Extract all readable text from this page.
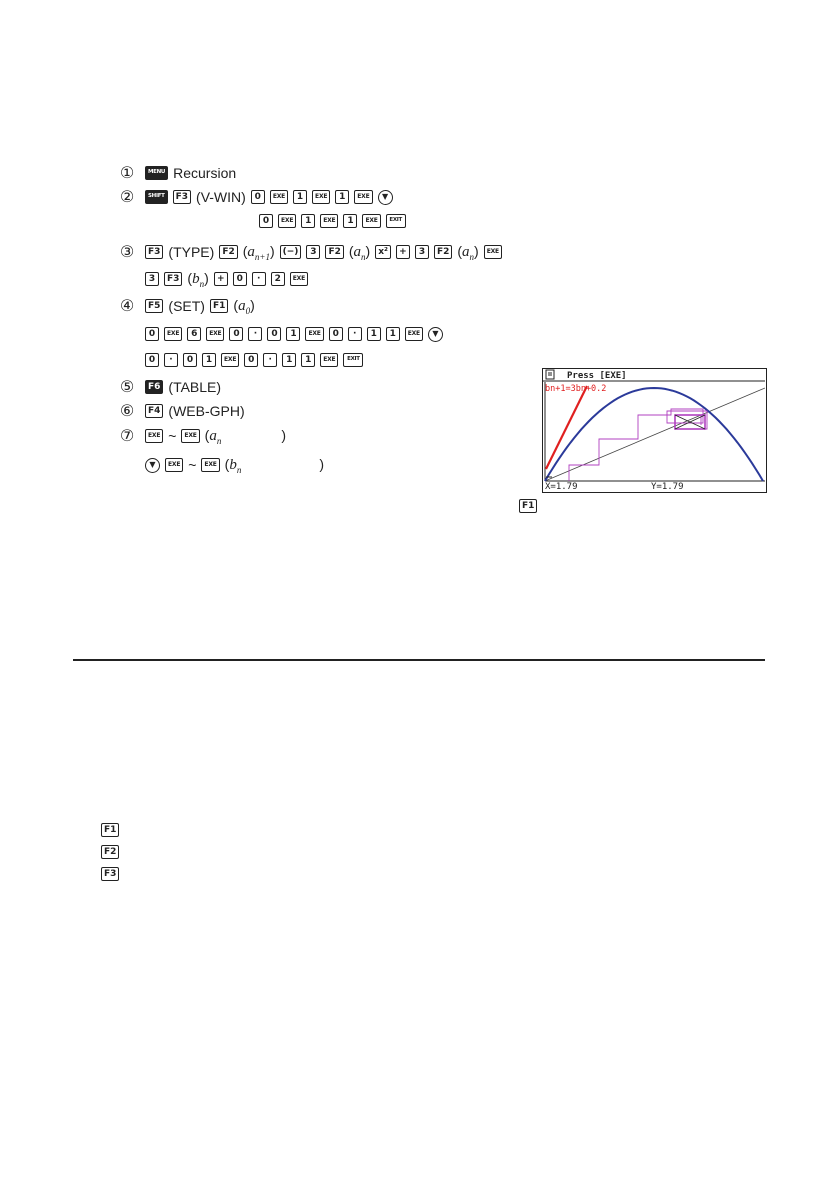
①	MENU Recursion
②	SHIFT	F3 (V-WIN) 0	EXE	1	EXE	1	EXE	▼
0	EXE	1	EXE	1	EXE	EXIT
③	F3 (TYPE) F2 $(a_{n+1})$ (−)	3	F2 $(a_n)$ x²	+	3	F2 $(a_n)$	EXE
3	F3 $(b_n)$ +	0	·	2	EXE
④	F5 (SET) F1 $(a_0)$
0	EXE	6	EXE	0	·	0	1	EXE	0	·	1	1	EXE	▼
0	·	0	1	EXE	0	·	1	1	EXE	EXIT
⑤	F6 (TABLE)
⑥	F4 (WEB-GPH)
⑦	EXE ~	EXE ($a_n$	)
▼	EXE ~	EXE ($b_n$	)
Press [EXE]
bn+1=3bn+0.2
X=1.79	Y=1.79
F1
F1
F2
F3
